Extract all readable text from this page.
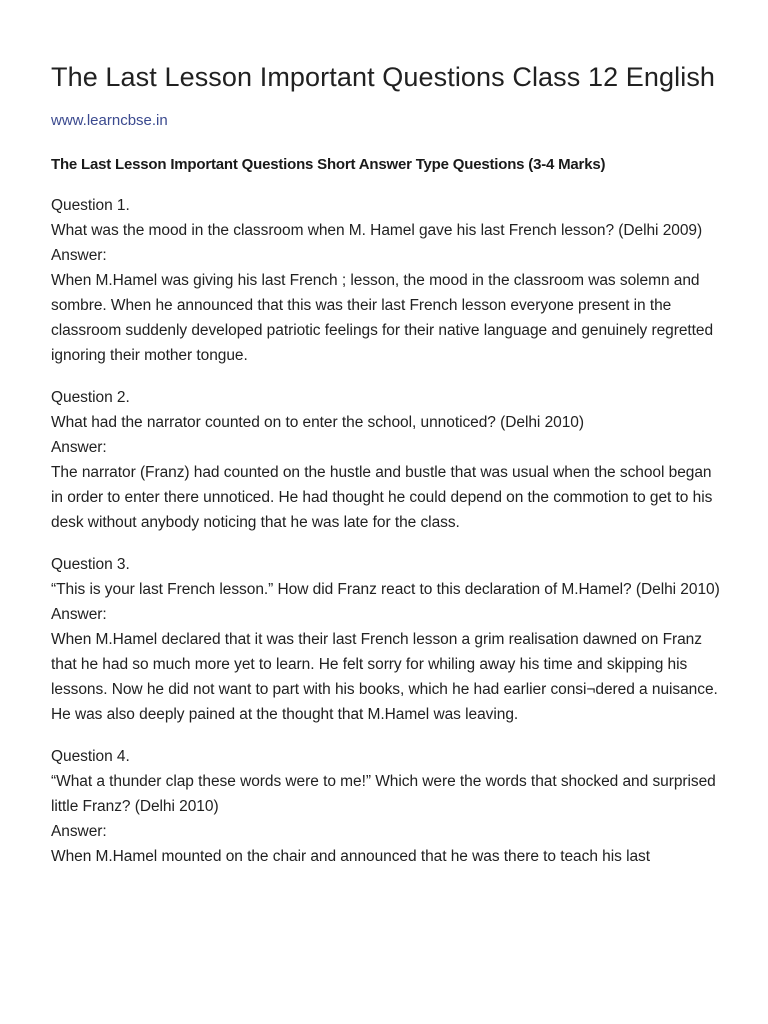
The Last Lesson Important Questions Class 12 English
www.learncbse.in
The Last Lesson Important Questions Short Answer Type Questions (3-4 Marks)
Question 1.
What was the mood in the classroom when M. Hamel gave his last French lesson? (Delhi 2009)
Answer:
When M.Hamel was giving his last French ; lesson, the mood in the classroom was solemn and sombre. When he announced that this was their last French lesson everyone present in the classroom suddenly developed patriotic feelings for their native language and genuinely regretted ignoring their mother tongue.
Question 2.
What had the narrator counted on to enter the school, unnoticed? (Delhi 2010)
Answer:
The narrator (Franz) had counted on the hustle and bustle that was usual when the school began in order to enter there unnoticed. He had thought he could depend on the commotion to get to his desk without anybody noticing that he was late for the class.
Question 3.
“This is your last French lesson.” How did Franz react to this declaration of M.Hamel? (Delhi 2010)
Answer:
When M.Hamel declared that it was their last French lesson a grim realisation dawned on Franz that he had so much more yet to learn. He felt sorry for whiling away his time and skipping his lessons. Now he did not want to part with his books, which he had earlier consi¬dered a nuisance. He was also deeply pained at the thought that M.Hamel was leaving.
Question 4.
“What a thunder clap these words were to me!” Which were the words that shocked and surprised little Franz? (Delhi 2010)
Answer:
When M.Hamel mounted on the chair and announced that he was there to teach his last
